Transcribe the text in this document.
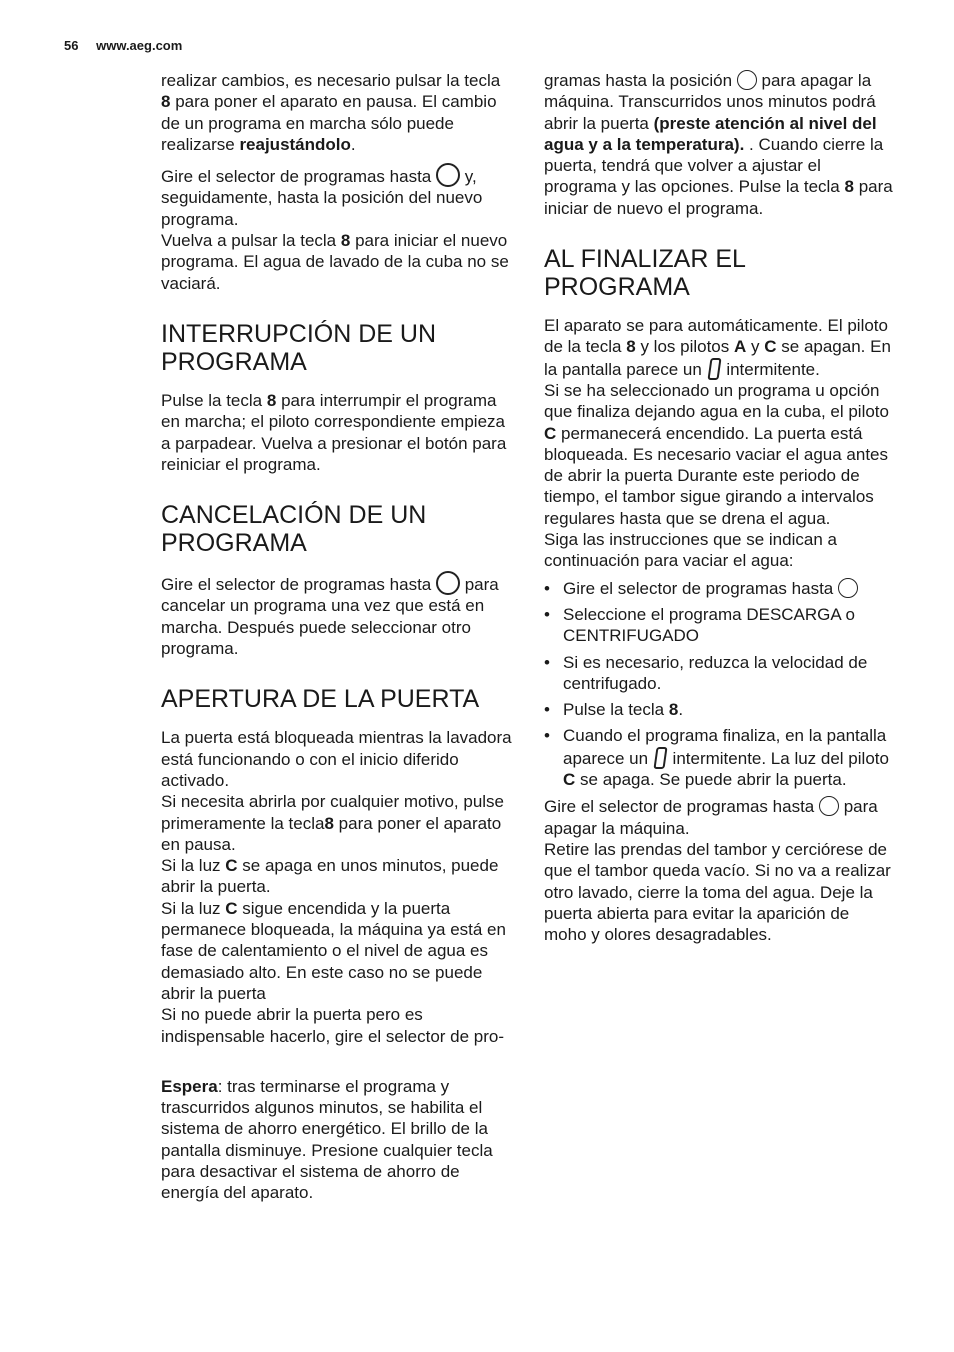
56 www.aeg.com

realizar cambios, es necesario pulsar la tecla 8 para poner el aparato en pausa. El cambio de un programa en marcha sólo puede realizarse reajustándolo.

Gire el selector de programas hasta y, seguidamente, hasta la posición del nuevo programa.

Vuelva a pulsar la tecla 8 para iniciar el nuevo programa. El agua de lavado de la cuba no se vaciará.

INTERRUPCIÓN DE UN PROGRAMA

Pulse la tecla 8 para interrumpir el programa en marcha; el piloto correspondiente empieza a parpadear. Vuelva a presionar el botón para reiniciar el programa.

CANCELACIÓN DE UN PROGRAMA

Gire el selector de programas hasta para cancelar un programa una vez que está en marcha. Después puede seleccionar otro programa.

APERTURA DE LA PUERTA

La puerta está bloqueada mientras la lavadora está funcionando o con el inicio diferido activado.

Si necesita abrirla por cualquier motivo, pulse primeramente la tecla8 para poner el aparato en pausa.

Si la luz C se apaga en unos minutos, puede abrir la puerta.

Si la luz C sigue encendida y la puerta permanece bloqueada, la máquina ya está en fase de calentamiento o el nivel de agua es demasiado alto. En este caso no se puede abrir la puerta

Si no puede abrir la puerta pero es indispensable hacerlo, gire el selector de pro-

Espera: tras terminarse el programa y trascurridos algunos minutos, se habilita el sistema de ahorro energético. El brillo de la pantalla disminuye. Presione cualquier tecla para desactivar el sistema de ahorro de energía del aparato.

gramas hasta la posición para apagar la máquina. Transcurridos unos minutos podrá abrir la puerta (preste atención al nivel del agua y a la temperatura). . Cuando cierre la puerta, tendrá que volver a ajustar el programa y las opciones. Pulse la tecla 8 para iniciar de nuevo el programa.

AL FINALIZAR EL PROGRAMA

El aparato se para automáticamente. El piloto de la tecla 8 y los pilotos A y C se apagan. En la pantalla parece un intermitente.

Si se ha seleccionado un programa u opción que finaliza dejando agua en la cuba, el piloto C permanecerá encendido. La puerta está bloqueada. Es necesario vaciar el agua antes de abrir la puerta Durante este periodo de tiempo, el tambor sigue girando a intervalos regulares hasta que se drena el agua.

Siga las instrucciones que se indican a continuación para vaciar el agua:

• Gire el selector de programas hasta
• Seleccione el programa DESCARGA o CENTRIFUGADO
• Si es necesario, reduzca la velocidad de centrifugado.
• Pulse la tecla 8.
• Cuando el programa finaliza, en la pantalla aparece un intermitente. La luz del piloto C se apaga. Se puede abrir la puerta.

Gire el selector de programas hasta para apagar la máquina.

Retire las prendas del tambor y cerciórese de que el tambor queda vacío. Si no va a realizar otro lavado, cierre la toma del agua. Deje la puerta abierta para evitar la aparición de moho y olores desagradables.
